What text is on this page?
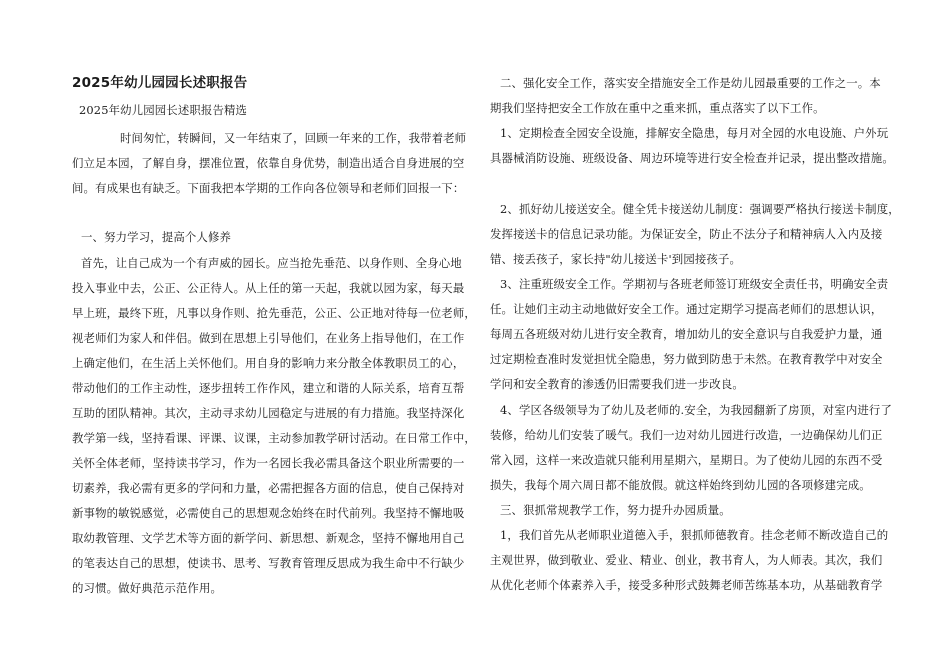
2025年幼儿园园长述职报告
2025年幼儿园园长述职报告精选
时间匆忙，转瞬间，又一年结束了，回顾一年来的工作，我带着老师
们立足本园，了解自身，摆准位置，依靠自身优势，制造出适合自身进展的空
间。有成果也有缺乏。下面我把本学期的工作向各位领导和老师们回报一下：
一、努力学习，提高个人修养
首先，让自己成为一个有声威的园长。应当抢先垂范、以身作则、全身心地
投入事业中去，公正、公正待人。从上任的第一天起，我就以园为家，每天最
早上班，最终下班，凡事以身作则、抢先垂范，公正、公正地对待每一位老师，
视老师们为家人和伴侣。做到在思想上引导他们，在业务上指导他们，在工作
上确定他们，在生活上关怀他们。用自身的影响力来分散全体教职员工的心，
带动他们的工作主动性，逐步扭转工作作风，建立和谐的人际关系，培育互帮
互助的团队精神。其次，主动寻求幼儿园稳定与进展的有力措施。我坚持深化
教学第一线，坚持看课、评课、议课，主动参加教学研讨活动。在日常工作中，
关怀全体老师，坚持读书学习，作为一名园长我必需具备这个职业所需要的一
切素养，我必需有更多的学问和力量，必需把握各方面的信息，使自己保持对
新事物的敏锐感觉，必需使自己的思想观念始终在时代前列。我坚持不懈地吸
取幼教管理、文学艺术等方面的新学问、新思想、新观念，坚持不懈地用自己
的笔表达自己的思想，使读书、思考、写教育管理反思成为我生命中不行缺少
的习惯。做好典范示范作用。
二、强化安全工作，落实安全措施安全工作是幼儿园最重要的工作之一。本
期我们坚持把安全工作放在重中之重来抓，重点落实了以下工作。
1、定期检查全园安全设施，排解安全隐患，每月对全园的水电设施、户外玩
具器械消防设施、班级设备、周边环境等进行安全检查并记录，提出整改措施。
2、抓好幼儿接送安全。健全凭卡接送幼儿制度：强调要严格执行接送卡制度，
发挥接送卡的信息记录功能。为保证安全，防止不法分子和精神病人入内及接
错、接丢孩子，家长持"幼儿接送卡'到园接孩子。
3、注重班级安全工作。学期初与各班老师签订班级安全责任书，明确安全责
任。让她们主动主动地做好安全工作。通过定期学习提高老师们的思想认识，
每周五各班级对幼儿进行安全教育，增加幼儿的安全意识与自我爱护力量，通
过定期检查准时发觉担忧全隐患，努力做到防患于未然。在教育教学中对安全
学问和安全教育的渗透仍旧需要我们进一步改良。
4、学区各级领导为了幼儿及老师的.安全，为我园翻新了房顶，对室内进行了
装修，给幼儿们安装了暖气。我们一边对幼儿园进行改造，一边确保幼儿们正
常入园，这样一来改造就只能利用星期六，星期日。为了使幼儿园的东西不受
损失，我每个周六周日都不能放假。就这样始终到幼儿园的各项修建完成。
三、狠抓常规教学工作，努力提升办园质量。
1，我们首先从老师职业道德入手，狠抓师德教育。挂念老师不断改造自己的
主观世界，做到敬业、爱业、精业、创业，教书育人，为人师表。其次，我们
从优化老师个体素养入手，接受多种形式鼓舞老师苦练基本功，从基础教育学
